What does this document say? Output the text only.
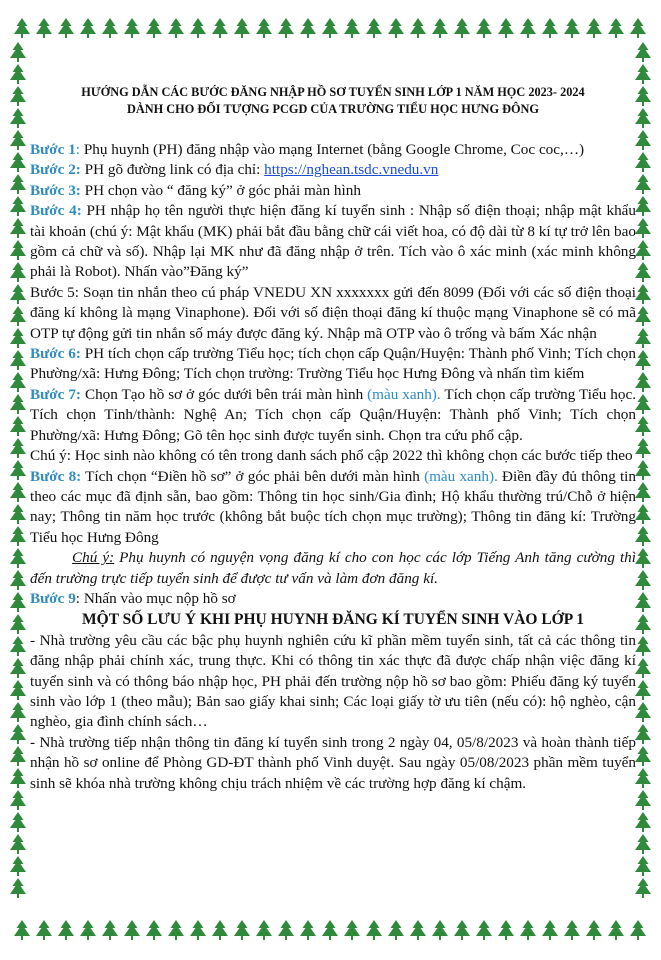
HƯỚNG DẪN CÁC BƯỚC ĐĂNG NHẬP HỒ SƠ TUYỂN SINH LỚP 1 NĂM HỌC 2023- 2024
DÀNH CHO ĐỐI TƯỢNG PCGD CỦA TRƯỜNG TIỂU HỌC HƯNG ĐÔNG

Bước 1: Phụ huynh (PH) đăng nhập vào mạng Internet (bằng Google Chrome, Coc coc,…)

Bước 2: PH gõ đường link có địa chỉ: https://nghean.tsdc.vnedu.vn

Bước 3: PH chọn vào “ đăng ký” ở góc phải màn hình

Bước 4: PH nhập họ tên người thực hiện đăng kí tuyển sinh : Nhập số điện thoại; nhập mật khẩu tài khoản (chú ý: Mật khẩu (MK) phải bắt đầu bằng chữ cái viết hoa, có độ dài từ 8 kí tự trở lên bao gồm cả chữ và số). Nhập lại MK như đã đăng nhập ở trên. Tích vào ô xác minh (xác minh không phải là Robot). Nhấn vào”Đăng ký”

Bước 5: Soạn tin nhắn theo cú pháp VNEDU XN xxxxxxx gửi đến 8099 (Đối với các số điện thoại đăng kí không là mạng Vinaphone). Đối với số điện thoại đăng kí thuộc mạng Vinaphone sẽ có mã OTP tự động gửi tin nhắn số máy được đăng ký. Nhập mã OTP vào ô trống và bấm Xác nhận

Bước 6: PH tích chọn cấp trường Tiểu học; tích chọn cấp Quận/Huyện: Thành phố Vinh; Tích chọn Phường/xã: Hưng Đông; Tích chọn trường: Trường Tiểu học Hưng Đông và nhấn tìm kiếm

Bước 7: Chọn Tạo hồ sơ ở góc dưới bên trái màn hình (màu xanh). Tích chọn cấp trường Tiểu học. Tích chọn Tỉnh/thành: Nghệ An; Tích chọn cấp Quận/Huyện: Thành phố Vinh; Tích chọn Phường/xã: Hưng Đông; Gõ tên học sinh được tuyển sinh. Chọn tra cứu phổ cập.

Chú ý: Học sinh nào không có tên trong danh sách phổ cập 2022 thì không chọn các bước tiếp theo

Bước 8: Tích chọn “Điền hồ sơ” ở góc phải bên dưới màn hình (màu xanh). Điền đầy đủ thông tin theo các mục đã định sẵn, bao gồm: Thông tin học sinh/Gia đình; Hộ khẩu thường trú/Chỗ ở hiện nay; Thông tin năm học trước (không bắt buộc tích chọn mục trường); Thông tin đăng kí: Trường Tiểu học Hưng Đông

Chú ý: Phụ huynh có nguyện vọng đăng kí cho con học các lớp Tiếng Anh tăng cường thì đến trường trực tiếp tuyển sinh để được tư vấn và làm đơn đăng kí.

Bước 9: Nhấn vào mục nộp hồ sơ

MỘT SỐ LƯU Ý KHI PHỤ HUYNH ĐĂNG KÍ TUYỂN SINH VÀO LỚP 1

- Nhà trường yêu cầu các bậc phụ huynh nghiên cứu kĩ phần mềm tuyển sinh, tất cả các thông tin đăng nhập phải chính xác, trung thực. Khi có thông tin xác thực đã được chấp nhận việc đăng kí tuyển sinh và có thông báo nhập học, PH phải đến trường nộp hồ sơ bao gồm: Phiếu đăng ký tuyển sinh vào lớp 1 (theo mẫu); Bản sao giấy khai sinh; Các loại giấy tờ ưu tiên (nếu có): hộ nghèo, cận nghèo, gia đình chính sách…

- Nhà trường tiếp nhận thông tin đăng kí tuyển sinh trong 2 ngày 04, 05/8/2023 và hoàn thành tiếp nhận hồ sơ online để Phòng GD-ĐT thành phố Vinh duyệt. Sau ngày 05/08/2023 phần mềm tuyển sinh sẽ khóa nhà trường không chịu trách nhiệm về các trường hợp đăng kí chậm.
